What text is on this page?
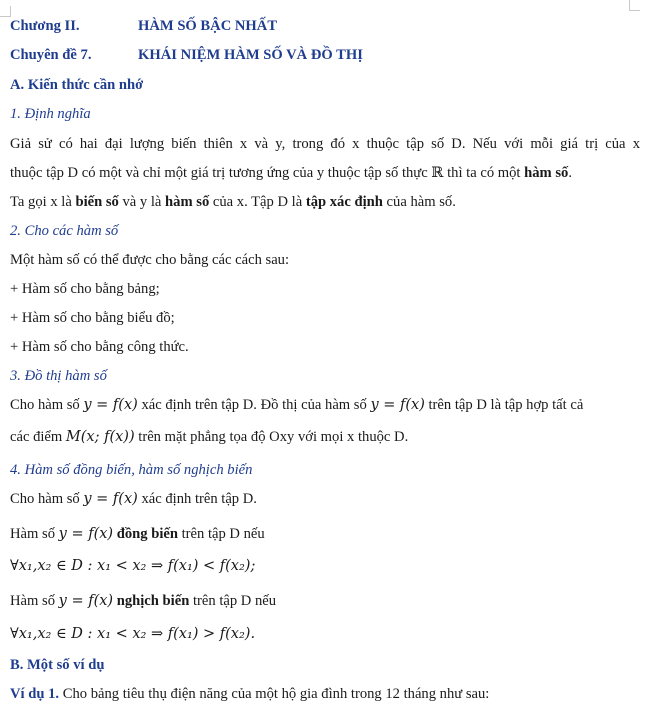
Chương II.	HÀM SỐ BẬC NHẤT
Chuyên đề 7.	KHÁI NIỆM HÀM SỐ VÀ ĐỒ THỊ
A. Kiến thức cần nhớ
1. Định nghĩa
Giả sử có hai đại lượng biến thiên x và y, trong đó x thuộc tập số D. Nếu với mỗi giá trị của x
thuộc tập D có một và chỉ một giá trị tương ứng của y thuộc tập số thực ℝ thì ta có một hàm số.
Ta gọi x là biến số và y là hàm số của x. Tập D là tập xác định của hàm số.
2. Cho các hàm số
Một hàm số có thể được cho bằng các cách sau:
+ Hàm số cho bằng bảng;
+ Hàm số cho bằng biểu đồ;
+ Hàm số cho bằng công thức.
3. Đồ thị hàm số
Cho hàm số y = f(x) xác định trên tập D. Đồ thị của hàm số y = f(x) trên tập D là tập hợp tất cả
các điểm M(x; f(x)) trên mặt phẳng tọa độ Oxy với mọi x thuộc D.
4. Hàm số đồng biến, hàm số nghịch biến
Cho hàm số y = f(x) xác định trên tập D.
Hàm số y = f(x) đồng biến trên tập D nếu
∀x₁,x₂ ∈ D : x₁ < x₂ ⇒ f(x₁) < f(x₂);
Hàm số y = f(x) nghịch biến trên tập D nếu
∀x₁,x₂ ∈ D : x₁ < x₂ ⇒ f(x₁) > f(x₂).
B. Một số ví dụ
Ví dụ 1. Cho bảng tiêu thụ điện năng của một hộ gia đình trong 12 tháng như sau:
